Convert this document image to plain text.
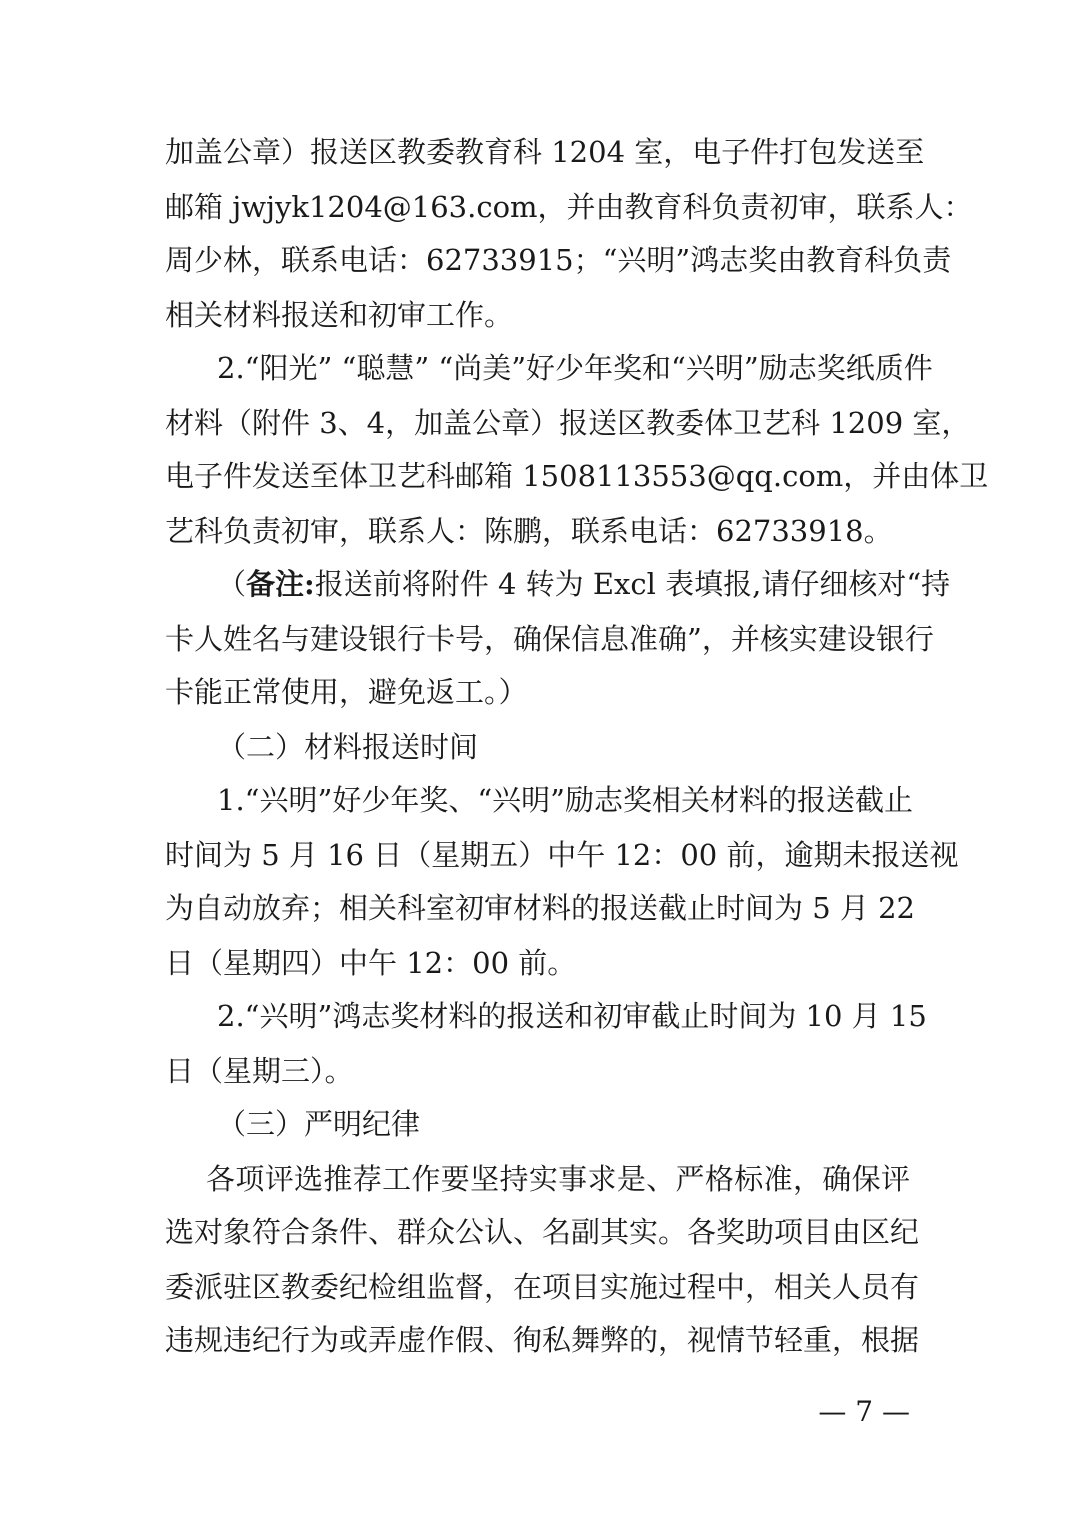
加盖公章）报送区教委教育科 1204 室，电子件打包发送至
邮箱 jwjyk1204@163.com，并由教育科负责初审，联系人：
周少林，联系电话：62733915；“兴明”鸿志奖由教育科负责
相关材料报送和初审工作。
2.“阳光” “聪慧” “尚美”好少年奖和“兴明”励志奖纸质件
材料（附件 3、4，加盖公章）报送区教委体卫艺科 1209 室，
电子件发送至体卫艺科邮箱 1508113553@qq.com，并由体卫
艺科负责初审，联系人：陈鹏，联系电话：62733918。
（ 备注: 报送前将附件 4 转为 Excl 表填报,请仔细核对“持
卡人姓名与建设银行卡号，确保信息准确”，并核实建设银行
卡能正常使用，避免返工。）
（二）材料报送时间
1.“兴明”好少年奖、“兴明”励志奖相关材料的报送截止
时间为 5 月 16 日（星期五）中午 12：00 前，逾期未报送视
为自动放弃；相关科室初审材料的报送截止时间为 5 月 22
日（星期四）中午 12：00 前。
2.“兴明”鸿志奖材料的报送和初审截止时间为 10 月 15
日（星期三）。
（三）严明纪律
各项评选推荐工作要坚持实事求是、严格标准，确保评
选对象符合条件、群众公认、名副其实。各奖助项目由区纪
委派驻区教委纪检组监督，在项目实施过程中，相关人员有
违规违纪行为或弄虚作假、徇私舞弊的，视情节轻重，根据
— 7 —
